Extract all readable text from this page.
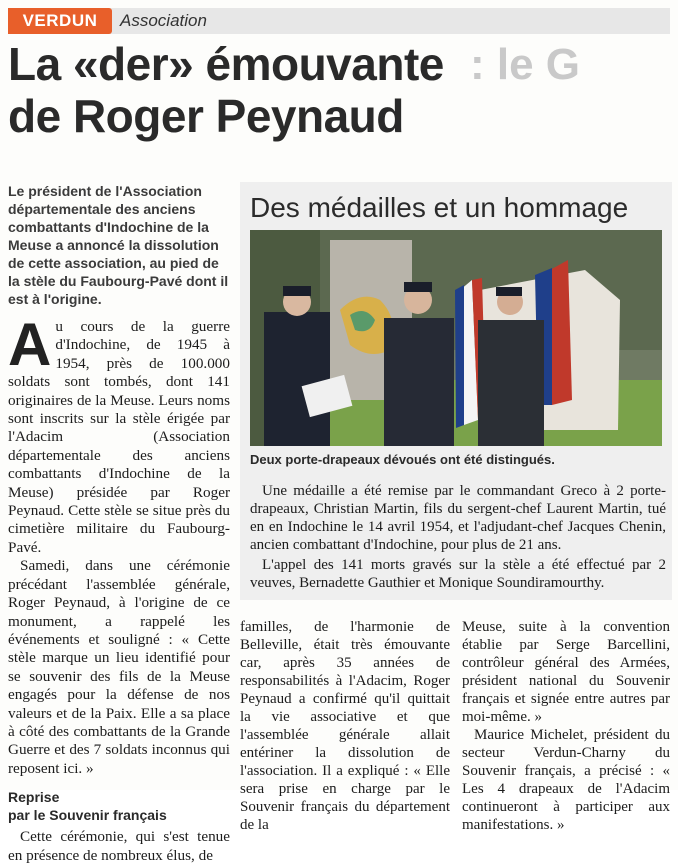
VERDUN	Association
La «der» émouvante
de Roger Peynaud
: le G
Le président de l'Association départementale des anciens combattants d'Indochine de la Meuse a annoncé la dissolution de cette association, au pied de la stèle du Faubourg-Pavé dont il est à l'origine.

Au cours de la guerre d'Indochine, de 1945 à 1954, près de 100.000 soldats sont tombés, dont 141 originaires de la Meuse. Leurs noms sont inscrits sur la stèle érigée par l'Adacim (Association départementale des anciens combattants d'Indochine de la Meuse) présidée par Roger Peynaud. Cette stèle se situe près du cimetière militaire du Faubourg-Pavé.

Samedi, dans une cérémonie précédant l'assemblée générale, Roger Peynaud, à l'origine de ce monument, a rappelé les événements et souligné : « Cette stèle marque un lieu identifié pour se souvenir des fils de la Meuse engagés pour la défense de nos valeurs et de la Paix. Elle a sa place à côté des combattants de la Grande Guerre et des 7 soldats inconnus qui reposent ici. »

Reprise
par le Souvenir français

Cette cérémonie, qui s'est tenue en présence de nombreux élus, de

Des médailles et un hommage
Deux porte-drapeaux dévoués ont été distingués.

Une médaille a été remise par le commandant Greco à 2 porte-drapeaux, Christian Martin, fils du sergent-chef Laurent Martin, tué en en Indochine le 14 avril 1954, et l'adjudant-chef Jacques Chenin, ancien combattant d'Indochine, pour plus de 21 ans.

L'appel des 141 morts gravés sur la stèle a été effectué par 2 veuves, Bernadette Gauthier et Monique Soundiramourthy.

familles, de l'harmonie de Belleville, était très émouvante car, après 35 années de responsabilités à l'Adacim, Roger Peynaud a confirmé qu'il quittait la vie associative et que l'assemblée générale allait entériner la dissolution de l'association. Il a expliqué : « Elle sera prise en charge par le Souvenir français du département de la

Meuse, suite à la convention établie par Serge Barcellini, contrôleur général des Armées, président national du Souvenir français et signée entre autres par moi-même. »

Maurice Michelet, président du secteur Verdun-Charny du Souvenir français, a précisé : « Les 4 drapeaux de l'Adacim continueront à participer aux manifestations. »
